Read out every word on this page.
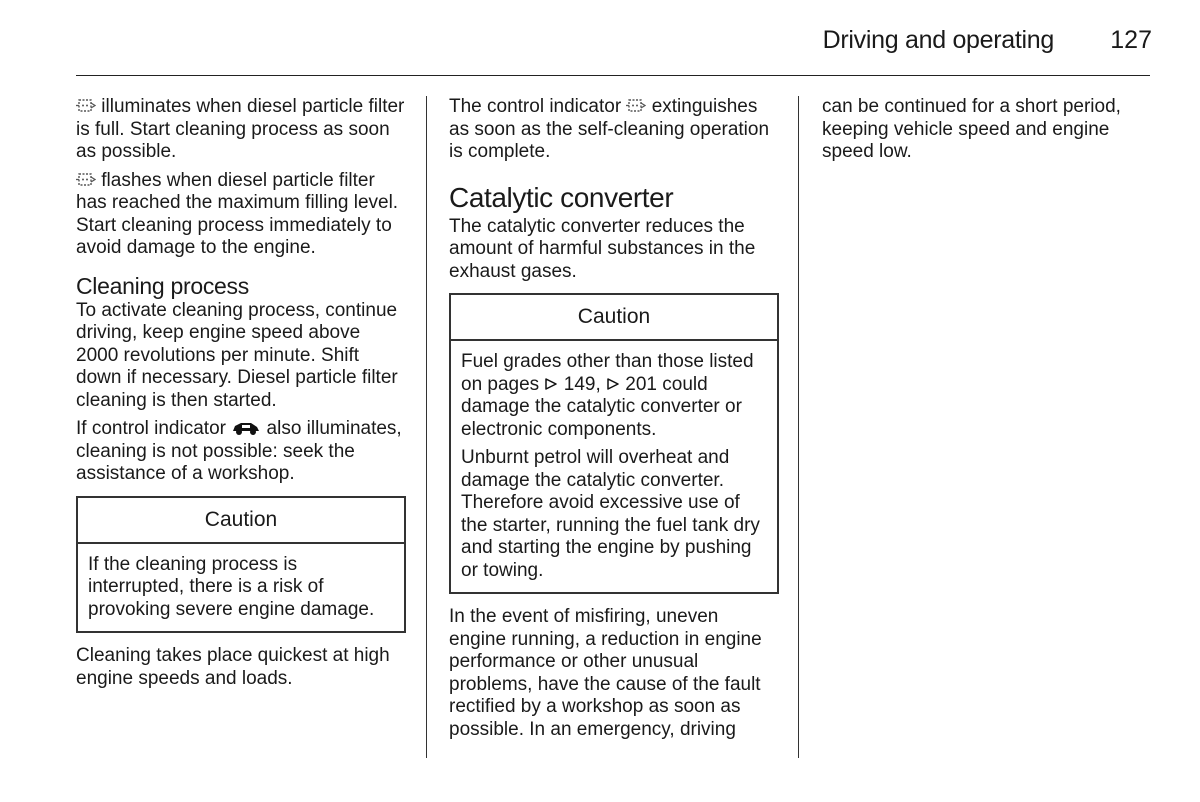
Driving and operating	127

illuminates when diesel particle filter is full. Start cleaning process as soon as possible.

flashes when diesel particle filter has reached the maximum filling level. Start cleaning process immediately to avoid damage to the engine.

Cleaning process

To activate cleaning process, continue driving, keep engine speed above 2000 revolutions per minute. Shift down if necessary. Diesel particle filter cleaning is then started.

If control indicator
also illuminates, cleaning is not possible: seek the assistance of a workshop.

Caution

If the cleaning process is interrupted, there is a risk of provoking severe engine damage.

Cleaning takes place quickest at high engine speeds and loads.

The control indicator
extinguishes as soon as the self-cleaning operation is complete.

Catalytic converter

The catalytic converter reduces the amount of harmful substances in the exhaust gases.

Caution

Fuel grades other than those listed on pages  149,  201 could damage the catalytic converter or electronic components.

Unburnt petrol will overheat and damage the catalytic converter. Therefore avoid excessive use of the starter, running the fuel tank dry and starting the engine by pushing or towing.

In the event of misfiring, uneven engine running, a reduction in engine performance or other unusual problems, have the cause of the fault rectified by a workshop as soon as possible. In an emergency, driving

can be continued for a short period, keeping vehicle speed and engine speed low.
